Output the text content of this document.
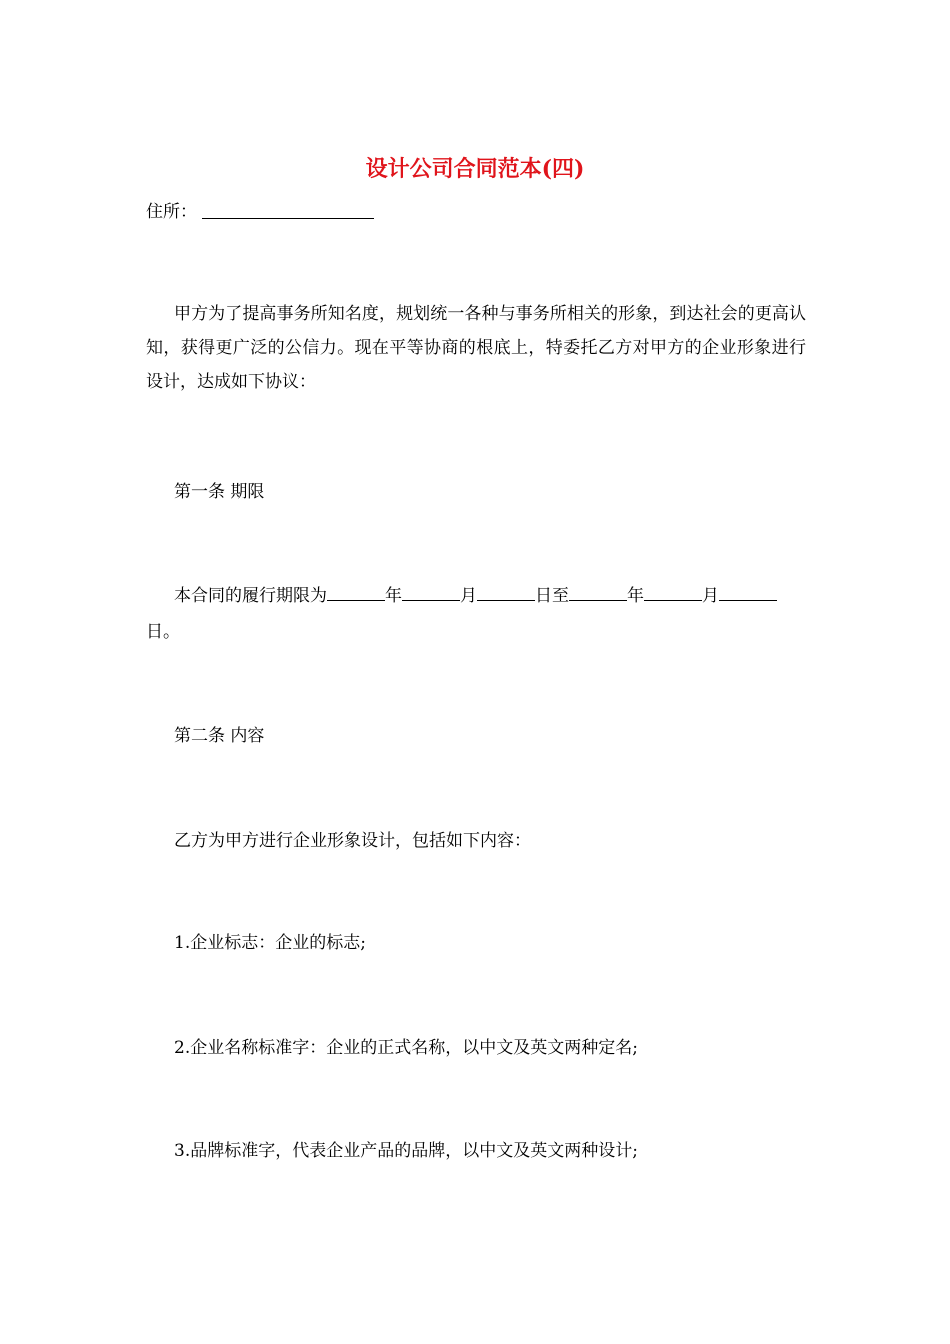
设计公司合同范本(四)
住所：
甲方为了提高事务所知名度，规划统一各种与事务所相关的形象，到达社会的更高认知，获得更广泛的公信力。现在平等协商的根底上，特委托乙方对甲方的企业形象进行设计，达成如下协议：
第一条 期限
本合同的履行期限为	年	月	日至	年	月
日。
第二条 内容
乙方为甲方进行企业形象设计，包括如下内容：
1.企业标志：企业的标志;
2.企业名称标准字：企业的正式名称，以中文及英文两种定名;
3.品牌标准字，代表企业产品的品牌，以中文及英文两种设计;
